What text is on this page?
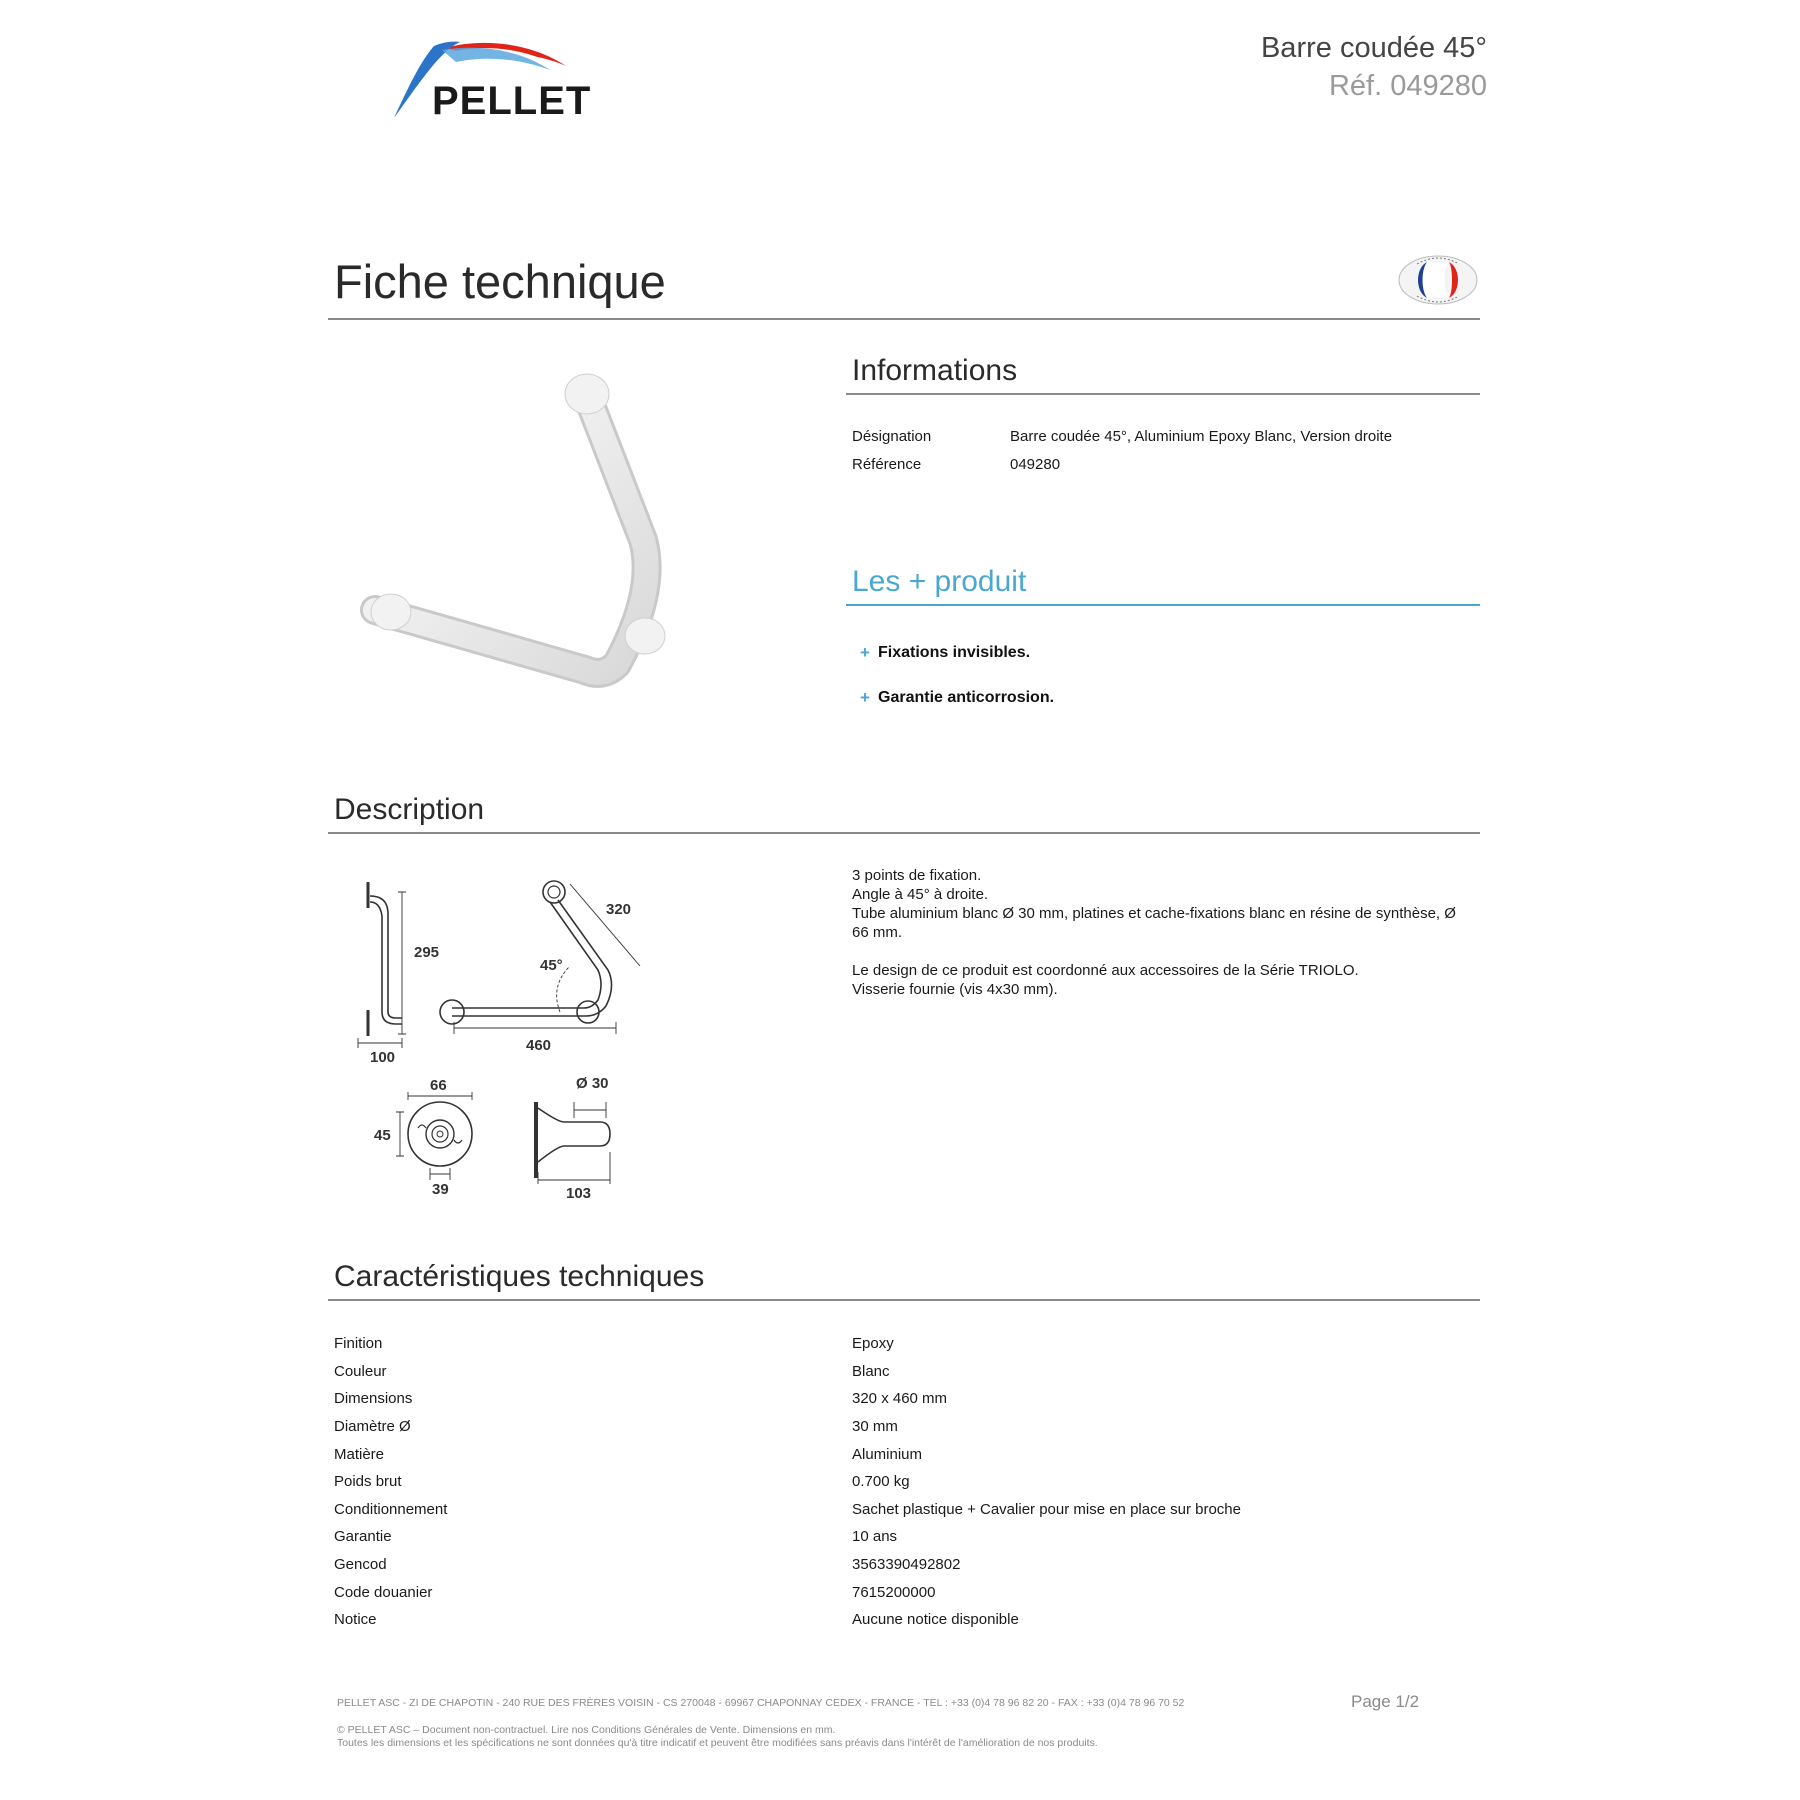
PELLET
Barre coudée 45°
Réf. 049280
Fiche technique
Informations
Désignation	Barre coudée 45°, Aluminium Epoxy Blanc, Version droite
Référence	049280
Les + produit
+ Fixations invisibles.
+ Garantie anticorrosion.
Description
295
100
320
45°
460
66
45
39
Ø 30
103

3 points de fixation.

Angle à 45° à droite.

Tube aluminium blanc Ø 30 mm, platines et cache-fixations blanc en résine de synthèse, Ø

66 mm.

Le design de ce produit est coordonné aux accessoires de la Série TRIOLO.

Visserie fournie (vis 4x30 mm).

Caractéristiques techniques
Finition	Epoxy
Couleur	Blanc
Dimensions	320 x 460 mm
Diamètre Ø	30 mm
Matière	Aluminium
Poids brut	0.700 kg
Conditionnement	Sachet plastique + Cavalier pour mise en place sur broche
Garantie	10 ans
Gencod	3563390492802
Code douanier	7615200000
Notice	Aucune notice disponible
PELLET ASC - ZI DE CHAPOTIN - 240 RUE DES FRÈRES VOISIN - CS 270048 - 69967 CHAPONNAY CEDEX - FRANCE - TEL : +33 (0)4 78 96 82 20 - FAX : +33 (0)4 78 96 70 52	Page 1/2
© PELLET ASC – Document non-contractuel. Lire nos Conditions Générales de Vente. Dimensions en mm.
Toutes les dimensions et les spécifications ne sont données qu'à titre indicatif et peuvent être modifiées sans préavis dans l'intérêt de l'amélioration de nos produits.
